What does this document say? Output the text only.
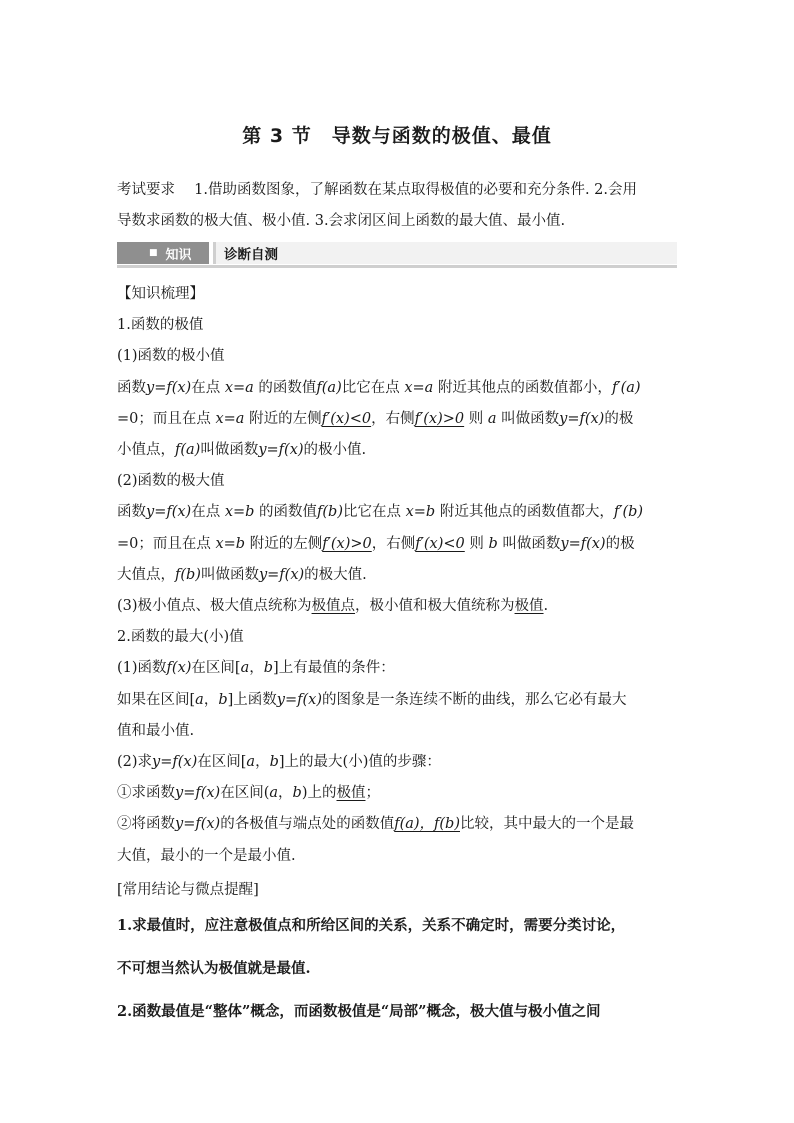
第 3 节　导数与函数的极值、最值
考试要求　 1.借助函数图象，了解函数在某点取得极值的必要和充分条件. 2.会用
导数求函数的极大值、极小值. 3.会求闭区间上函数的最大值、最小值.
■ 知识 诊断自测

【知识梳理】

1.函数的极值

(1)函数的极小值

函数y=f(x)在点 x=a 的函数值f(a)比它在点 x=a 附近其他点的函数值都小，f′(a)

=0；而且在点 x=a 附近的左侧f′(x)<0，右侧f′(x)>0 则 a 叫做函数y=f(x)的极

小值点，f(a)叫做函数y=f(x)的极小值.

(2)函数的极大值

函数y=f(x)在点 x=b 的函数值f(b)比它在点 x=b 附近其他点的函数值都大，f′(b)

=0；而且在点 x=b 附近的左侧f′(x)>0，右侧f′(x)<0 则 b 叫做函数y=f(x)的极

大值点，f(b)叫做函数y=f(x)的极大值.

(3)极小值点、极大值点统称为极值点，极小值和极大值统称为极值.

2.函数的最大(小)值

(1)函数f(x)在区间[a，b]上有最值的条件：

如果在区间[a，b]上函数y=f(x)的图象是一条连续不断的曲线，那么它必有最大

值和最小值.

(2)求y=f(x)在区间[a，b]上的最大(小)值的步骤：

①求函数y=f(x)在区间(a，b)上的极值；

②将函数y=f(x)的各极值与端点处的函数值f(a)，f(b)比较，其中最大的一个是最

大值，最小的一个是最小值.

[常用结论与微点提醒]

1.求最值时，应注意极值点和所给区间的关系，关系不确定时，需要分类讨论，

不可想当然认为极值就是最值.

2.函数最值是“整体”概念，而函数极值是“局部”概念，极大值与极小值之间
